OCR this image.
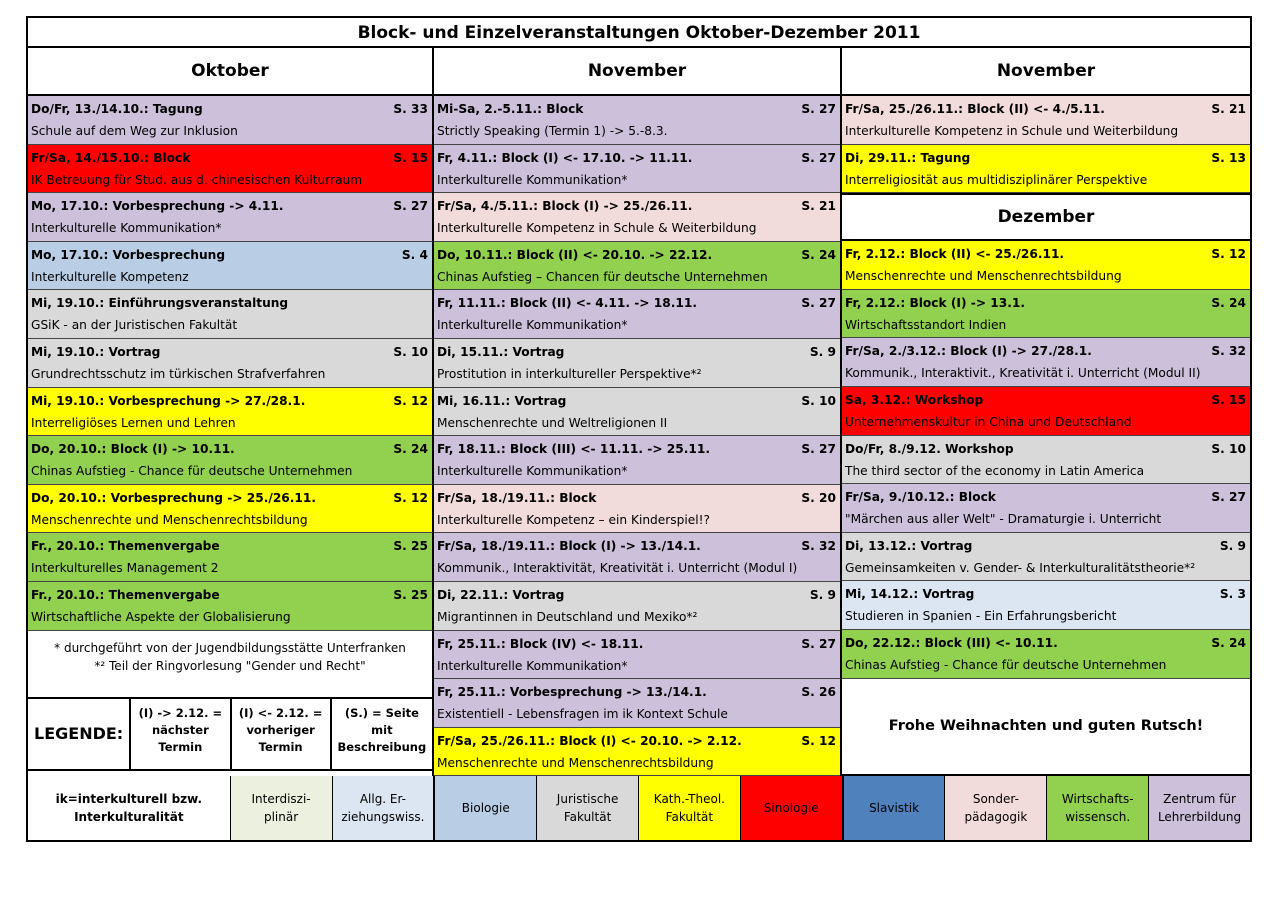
Block- und Einzelveranstaltungen Oktober-Dezember 2011
Oktober
Do/Fr, 13./14.10.: Tagung	S. 33
Schule auf dem Weg zur Inklusion
Fr/Sa, 14./15.10.: Block	S. 15
IK Betreuung für Stud. aus d. chinesischen Kulturraum
Mo, 17.10.: Vorbesprechung -> 4.11.	S. 27
Interkulturelle Kommunikation*
Mo, 17.10.: Vorbesprechung	S. 4
Interkulturelle Kompetenz
Mi, 19.10.: Einführungsveranstaltung
GSiK - an der Juristischen Fakultät
Mi, 19.10.: Vortrag	S. 10
Grundrechtsschutz im türkischen Strafverfahren
Mi, 19.10.: Vorbesprechung -> 27./28.1.	S. 12
Interreligiöses Lernen und Lehren
Do, 20.10.: Block (I) -> 10.11.	S. 24
Chinas Aufstieg - Chance für deutsche Unternehmen
Do, 20.10.: Vorbesprechung -> 25./26.11.	S. 12
Menschenrechte und Menschenrechtsbildung
Fr., 20.10.: Themenvergabe	S. 25
Interkulturelles Management 2
Fr., 20.10.: Themenvergabe	S. 25
Wirtschaftliche Aspekte der Globalisierung
* durchgeführt von der Jugendbildungsstätte Unterfranken
*² Teil der Ringvorlesung "Gender und Recht"
LEGENDE:
(I) -> 2.12. =
nächster
Termin
(I) <- 2.12. =
vorheriger
Termin
(S.) = Seite
mit
Beschreibung
November
Mi-Sa, 2.-5.11.: Block	S. 27
Strictly Speaking (Termin 1) -> 5.-8.3.
Fr, 4.11.: Block (I) <- 17.10. -> 11.11.	S. 27
Interkulturelle Kommunikation*
Fr/Sa, 4./5.11.: Block (I) -> 25./26.11.	S. 21
Interkulturelle Kompetenz in Schule & Weiterbildung
Do, 10.11.: Block (II) <- 20.10. -> 22.12.	S. 24
Chinas Aufstieg – Chancen für deutsche Unternehmen
Fr, 11.11.: Block (II) <- 4.11. -> 18.11.	S. 27
Interkulturelle Kommunikation*
Di, 15.11.: Vortrag	S. 9
Prostitution in interkultureller Perspektive*²
Mi, 16.11.: Vortrag	S. 10
Menschenrechte und Weltreligionen II
Fr, 18.11.: Block (III) <- 11.11. -> 25.11.	S. 27
Interkulturelle Kommunikation*
Fr/Sa, 18./19.11.: Block	S. 20
Interkulturelle Kompetenz – ein Kinderspiel!?
Fr/Sa, 18./19.11.: Block (I) -> 13./14.1.	S. 32
Kommunik., Interaktivität, Kreativität i. Unterricht (Modul I)
Di, 22.11.: Vortrag	S. 9
Migrantinnen in Deutschland und Mexiko*²
Fr, 25.11.: Block (IV) <- 18.11.	S. 27
Interkulturelle Kommunikation*
Fr, 25.11.: Vorbesprechung -> 13./14.1.	S. 26
Existentiell - Lebensfragen im ik Kontext Schule
Fr/Sa, 25./26.11.: Block (I) <- 20.10. -> 2.12.	S. 12
Menschenrechte und Menschenrechtsbildung
November
Fr/Sa, 25./26.11.: Block (II) <- 4./5.11.	S. 21
Interkulturelle Kompetenz in Schule und Weiterbildung
Di, 29.11.: Tagung	S. 13
Interreligiosität aus multidisziplinärer Perspektive
Dezember
Fr, 2.12.: Block (II) <- 25./26.11.	S. 12
Menschenrechte und Menschenrechtsbildung
Fr, 2.12.: Block (I) -> 13.1.	S. 24
Wirtschaftsstandort Indien
Fr/Sa, 2./3.12.: Block (I) -> 27./28.1.	S. 32
Kommunik., Interaktivit., Kreativität i. Unterricht (Modul II)
Sa, 3.12.: Workshop	S. 15
Unternehmenskultur in China und Deutschland
Do/Fr, 8./9.12. Workshop	S. 10
The third sector of the economy in Latin America
Fr/Sa, 9./10.12.: Block	S. 27
"Märchen aus aller Welt" - Dramaturgie i. Unterricht
Di, 13.12.: Vortrag	S. 9
Gemeinsamkeiten v. Gender- & Interkulturalitätstheorie*²
Mi, 14.12.: Vortrag	S. 3
Studieren in Spanien - Ein Erfahrungsbericht
Do, 22.12.: Block (III) <- 10.11.	S. 24
Chinas Aufstieg - Chance für deutsche Unternehmen
Frohe Weihnachten und guten Rutsch!
ik=interkulturell bzw.
Interkulturalität
Interdiszi-
plinär
Allg. Er-
ziehungswiss.
Biologie
Juristische
Fakultät
Kath.-Theol.
Fakultät
Sinologie	Slavistik
Sonder-
pädagogik
Wirtschafts-
wissensch.
Zentrum für
Lehrerbildung
